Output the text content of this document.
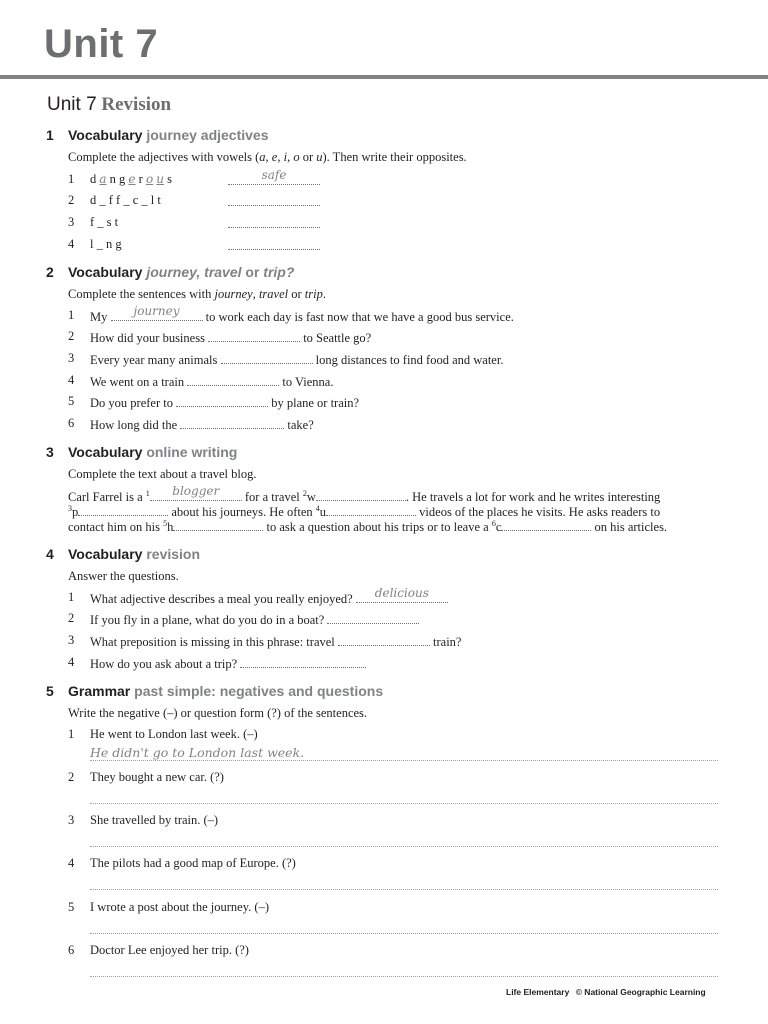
Unit 7
Unit 7 Revision
1 Vocabulary journey adjectives
Complete the adjectives with vowels (a, e, i, o or u). Then write their opposites.
1 d a n g e r o u s	safe
2 d _ f f _ c _ l t
3 f _ s t
4 l _ n g
2 Vocabulary journey, travel or trip?
Complete the sentences with journey, travel or trip.
1 My	journey	to work each day is fast now that we have a good bus service.
2 How did your business	to Seattle go?
3 Every year many animals	long distances to find food and water.
4 We went on a train	to Vienna.
5 Do you prefer to	by plane or train?
6 How long did the	take?
3 Vocabulary online writing
Complete the text about a travel blog.
Carl Farrel is a $^1$	blogger	for a travel $^2$w	. He travels a lot for work and he writes interesting
$^3$p	about his journeys. He often $^4$u	videos of the places he visits. He asks readers to
contact him on his $^5$h	to ask a question about his trips or to leave a $^6$c	on his articles.
4 Vocabulary revision
Answer the questions.
1 What adjective describes a meal you really enjoyed?	delicious
2 If you fly in a plane, what do you do in a boat?
3 What preposition is missing in this phrase: travel	train?
4 How do you ask about a trip?
5 Grammar past simple: negatives and questions
Write the negative (–) or question form (?) of the sentences.
1 He went to London last week. (–)
He didn't go to London last week.
2 They bought a new car. (?)
3 She travelled by train. (–)
4 The pilots had a good map of Europe. (?)
5 I wrote a post about the journey. (–)
6 Doctor Lee enjoyed her trip. (?)
Life Elementary © National Geographic Learning
